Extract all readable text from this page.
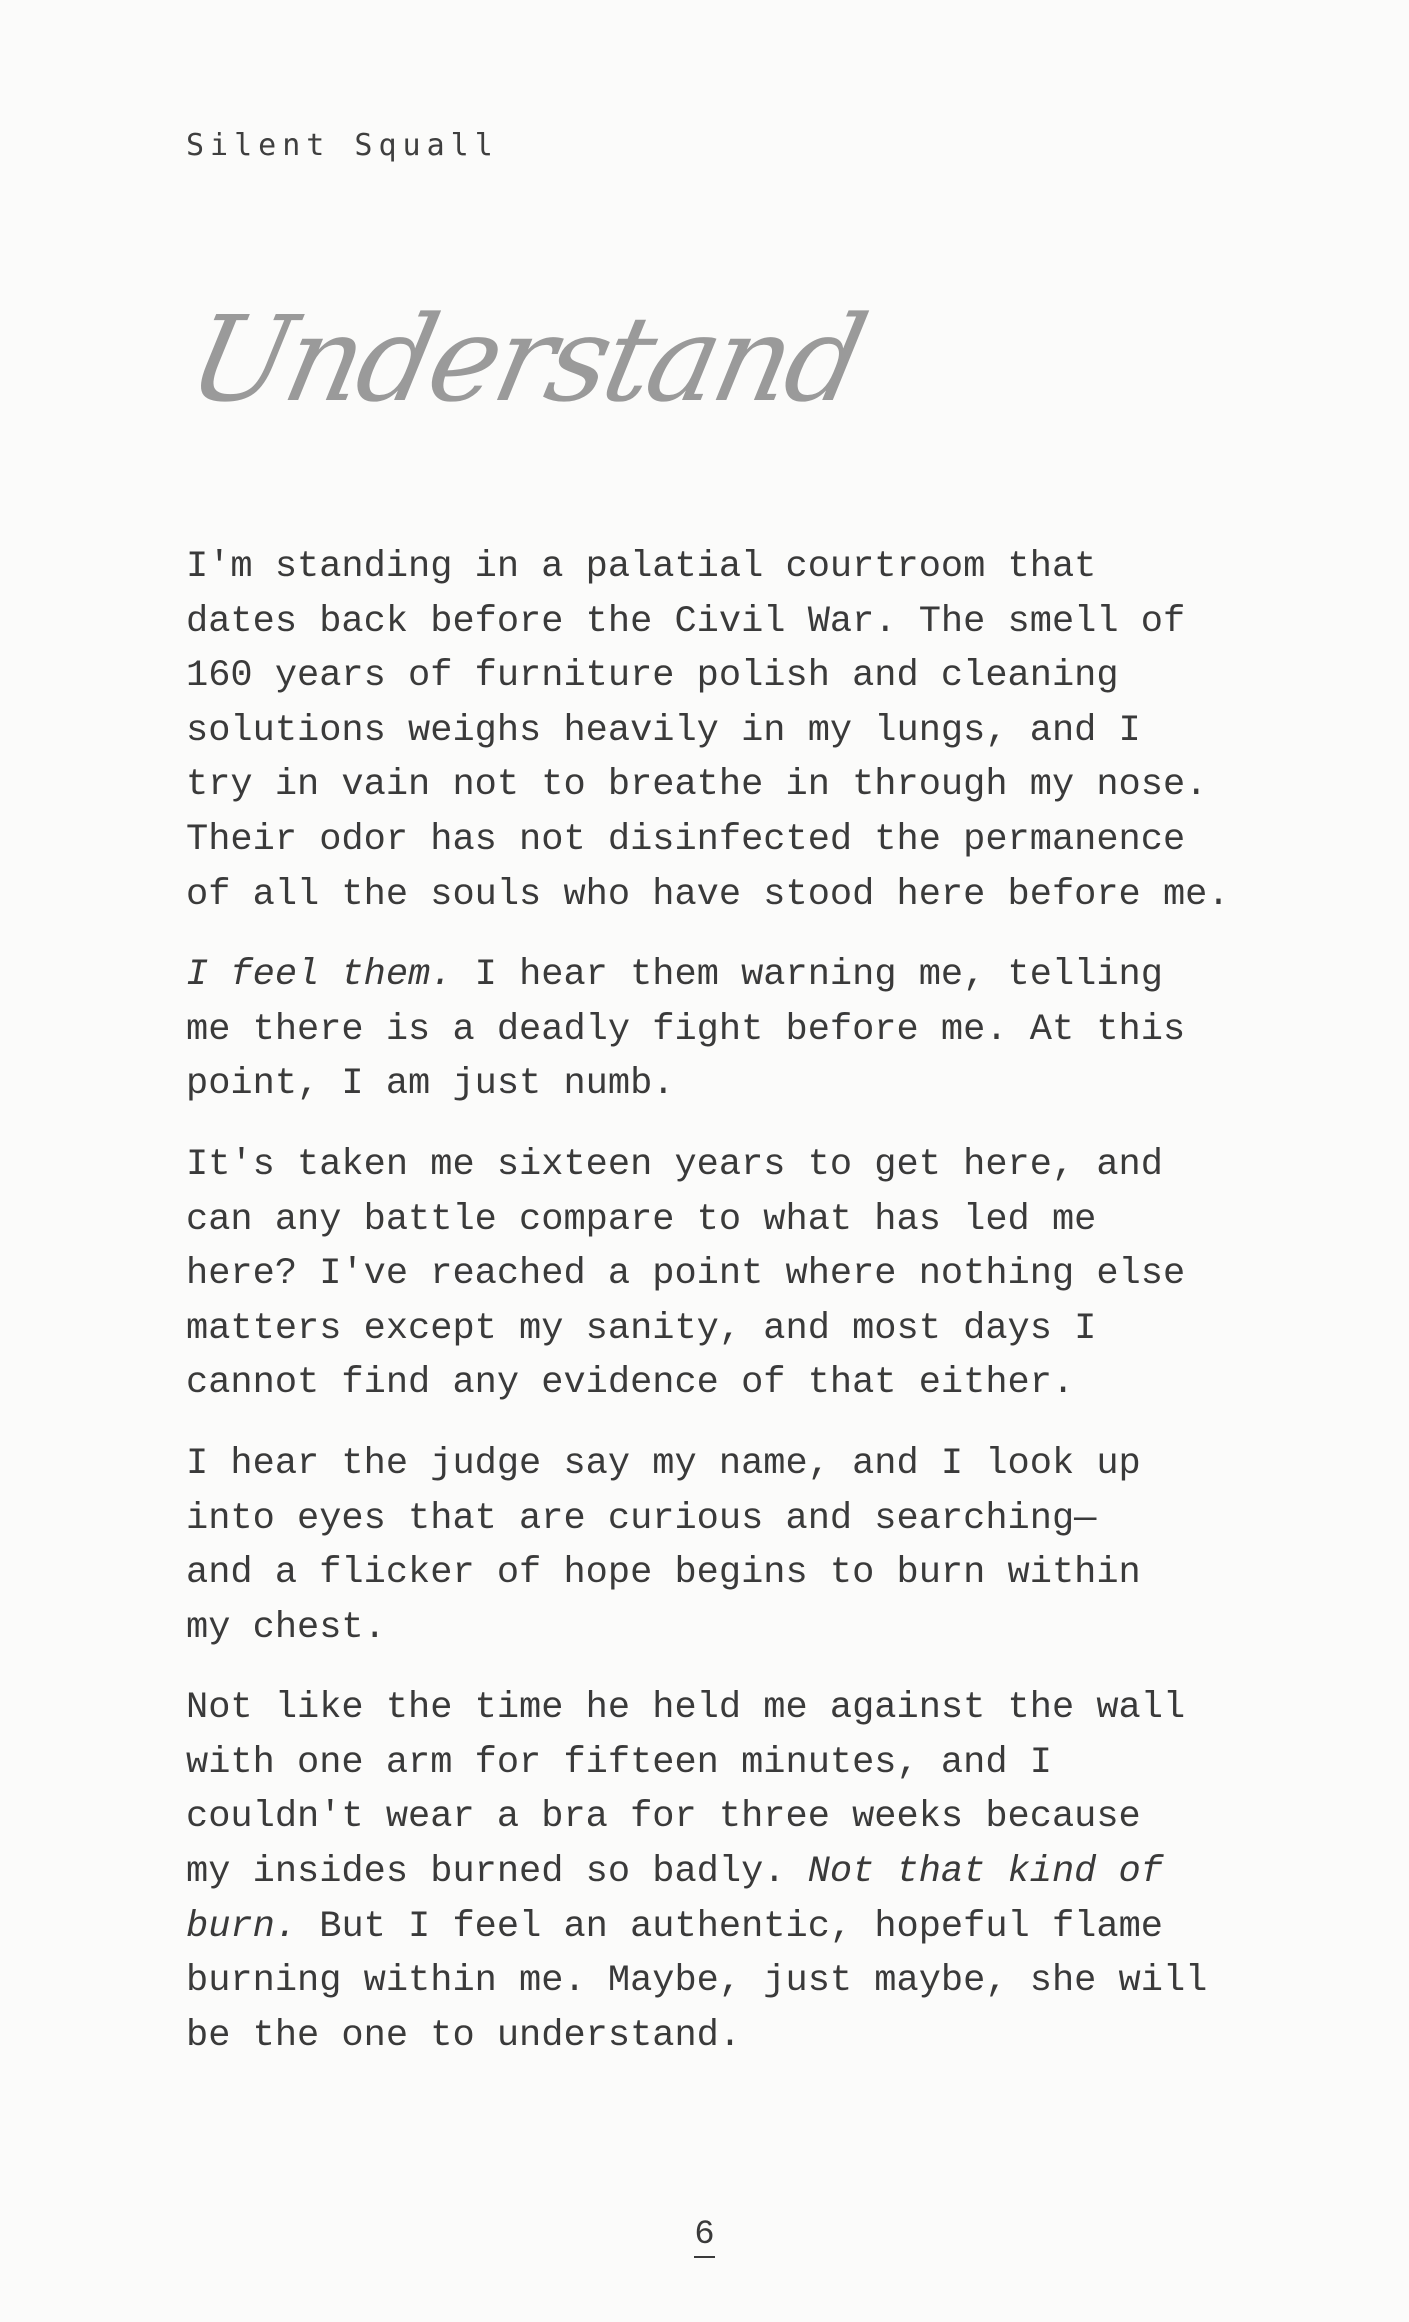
Silent Squall
Understand

I'm standing in a palatial courtroom that
dates back before the Civil War. The smell of
160 years of furniture polish and cleaning
solutions weighs heavily in my lungs, and I
try in vain not to breathe in through my nose.
Their odor has not disinfected the permanence
of all the souls who have stood here before me.

I feel them. I hear them warning me, telling
me there is a deadly fight before me. At this
point, I am just numb.

It's taken me sixteen years to get here, and
can any battle compare to what has led me
here? I've reached a point where nothing else
matters except my sanity, and most days I
cannot find any evidence of that either.

I hear the judge say my name, and I look up
into eyes that are curious and searching—
and a flicker of hope begins to burn within
my chest.

Not like the time he held me against the wall
with one arm for fifteen minutes, and I
couldn't wear a bra for three weeks because
my insides burned so badly. Not that kind of
burn. But I feel an authentic, hopeful flame
burning within me. Maybe, just maybe, she will
be the one to understand.

6
